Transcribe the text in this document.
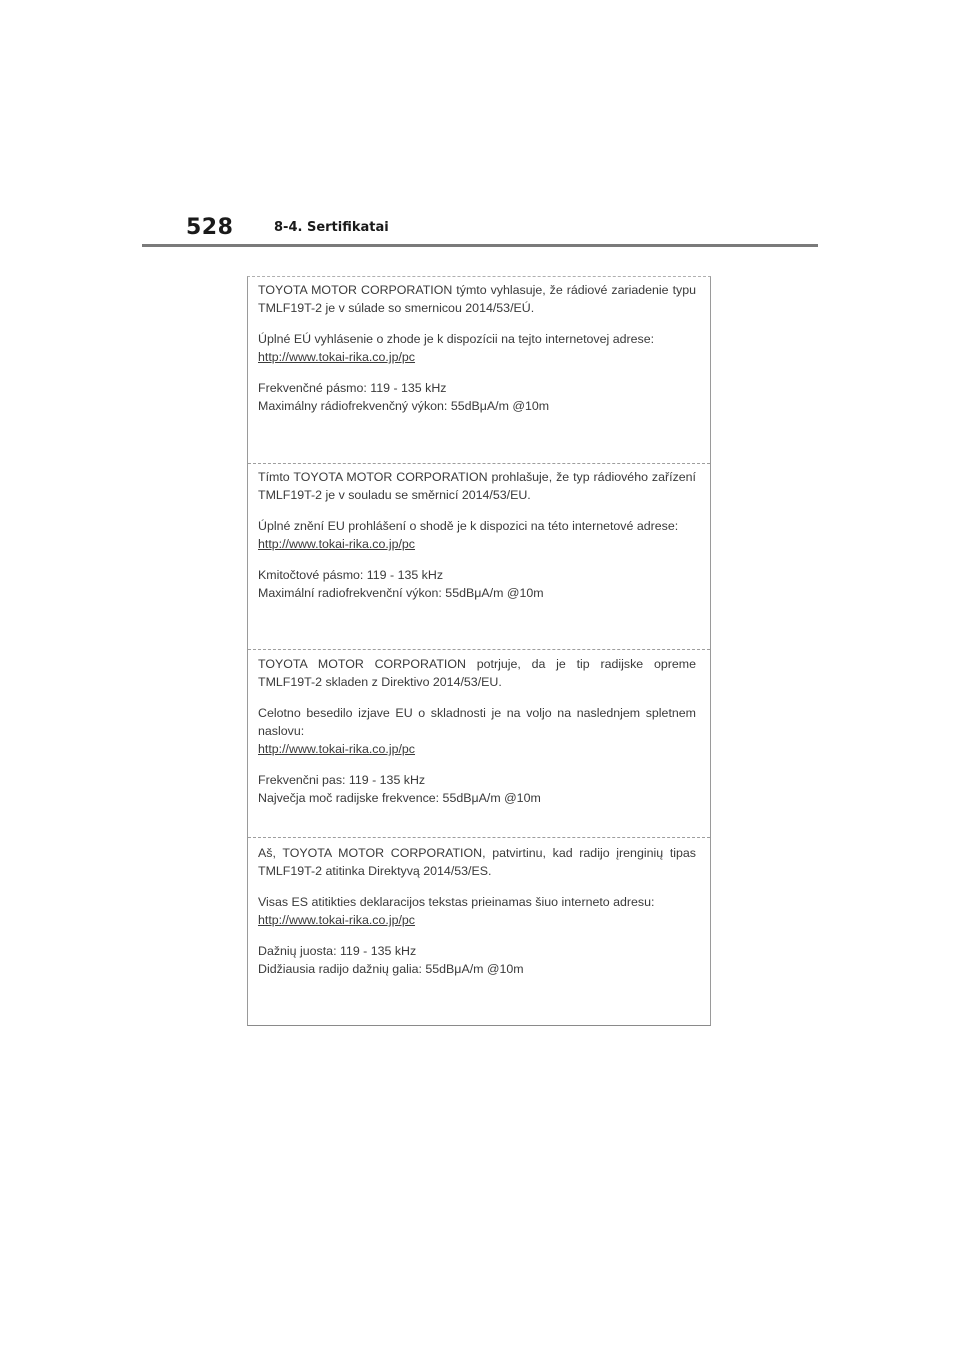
528	8-4. Sertifikatai

TOYOTA MOTOR CORPORATION týmto vyhlasuje, že rádiové zariadenie typu TMLF19T-2 je v súlade so smernicou 2014/53/EÚ.

Úplné EÚ vyhlásenie o zhode je k dispozícii na tejto internetovej adrese:

http://www.tokai-rika.co.jp/pc

Frekvenčné pásmo: 119 - 135 kHz

Maximálny rádiofrekvenčný výkon: 55dBμA/m @10m

Tímto TOYOTA MOTOR CORPORATION prohlašuje, že typ rádiového zařízení TMLF19T-2 je v souladu se směrnicí 2014/53/EU.

Úplné znění EU prohlášení o shodě je k dispozici na této internetové adrese:

http://www.tokai-rika.co.jp/pc

Kmitočtové pásmo: 119 - 135 kHz

Maximální radiofrekvenční výkon: 55dBμA/m @10m

TOYOTA MOTOR CORPORATION potrjuje, da je tip radijske opreme TMLF19T-2 skladen z Direktivo 2014/53/EU.

Celotno besedilo izjave EU o skladnosti je na voljo na naslednjem spletnem naslovu:

http://www.tokai-rika.co.jp/pc

Frekvenčni pas: 119 - 135 kHz

Največja moč radijske frekvence: 55dBμA/m @10m

Aš, TOYOTA MOTOR CORPORATION, patvirtinu, kad radijo įrenginių tipas TMLF19T-2 atitinka Direktyvą 2014/53/ES.

Visas ES atitikties deklaracijos tekstas prieinamas šiuo interneto adresu:

http://www.tokai-rika.co.jp/pc

Dažnių juosta: 119 - 135 kHz

Didžiausia radijo dažnių galia: 55dBμA/m @10m
